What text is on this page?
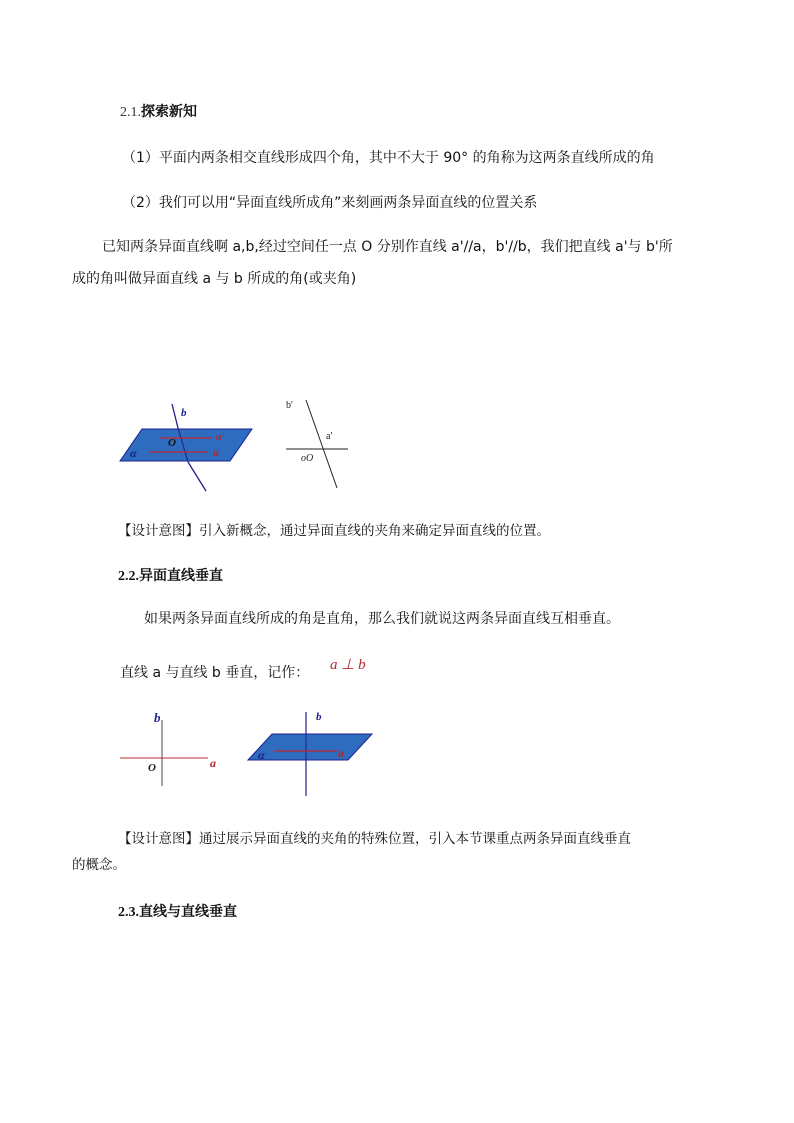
2.1.探索新知
（1）平面内两条相交直线形成四个角，其中不大于 90° 的角称为这两条直线所成的角
（2）我们可以用“异面直线所成角”来刻画两条异面直线的位置关系
已知两条异面直线啊 a,b,经过空间任一点 O 分别作直线 a'//a，b'//b，我们把直线 a'与 b'所
成的角叫做异面直线 a 与 b 所成的角(或夹角)
b
O	a'
a
α
b'
a'
oO
【设计意图】引入新概念，通过异面直线的夹角来确定异面直线的位置。
2.2.异面直线垂直
如果两条异面直线所成的角是直角，那么我们就说这两条异面直线互相垂直。
直线 a 与直线 b 垂直，记作： a ⊥ b
b
O	a
b
α	a
【设计意图】通过展示异面直线的夹角的特殊位置，引入本节课重点两条异面直线垂直
的概念。
2.3.直线与直线垂直
